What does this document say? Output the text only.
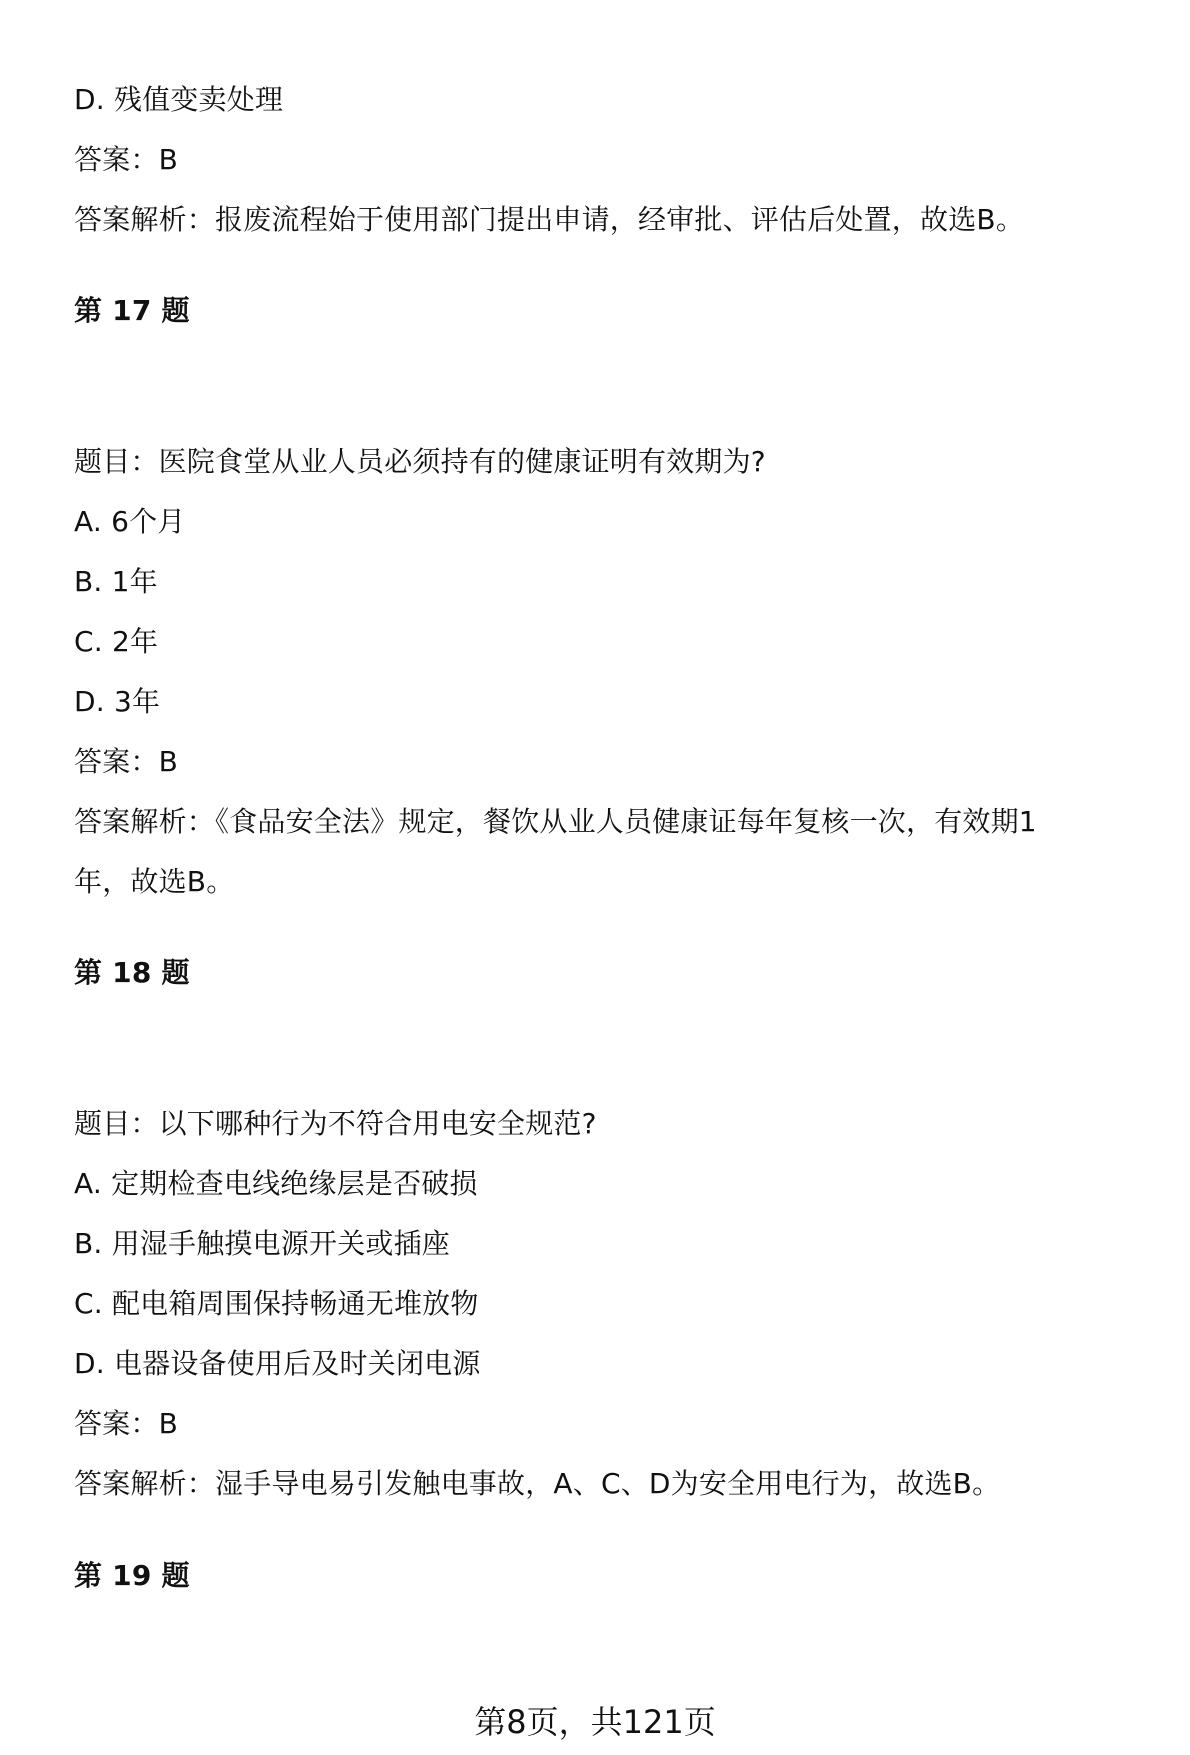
D. 残值变卖处理
答案：B
答案解析：报废流程始于使用部门提出申请，经审批、评估后处置，故选B。
第 17 题
题目：医院食堂从业人员必须持有的健康证明有效期为?
A. 6个月
B. 1年
C. 2年
D. 3年
答案：B
答案解析：《食品安全法》规定，餐饮从业人员健康证每年复核一次，有效期1
年，故选B。
第 18 题
题目：以下哪种行为不符合用电安全规范?
A. 定期检查电线绝缘层是否破损
B. 用湿手触摸电源开关或插座
C. 配电箱周围保持畅通无堆放物
D. 电器设备使用后及时关闭电源
答案：B
答案解析：湿手导电易引发触电事故，A、C、D为安全用电行为，故选B。
第 19 题
第8页，共121页
